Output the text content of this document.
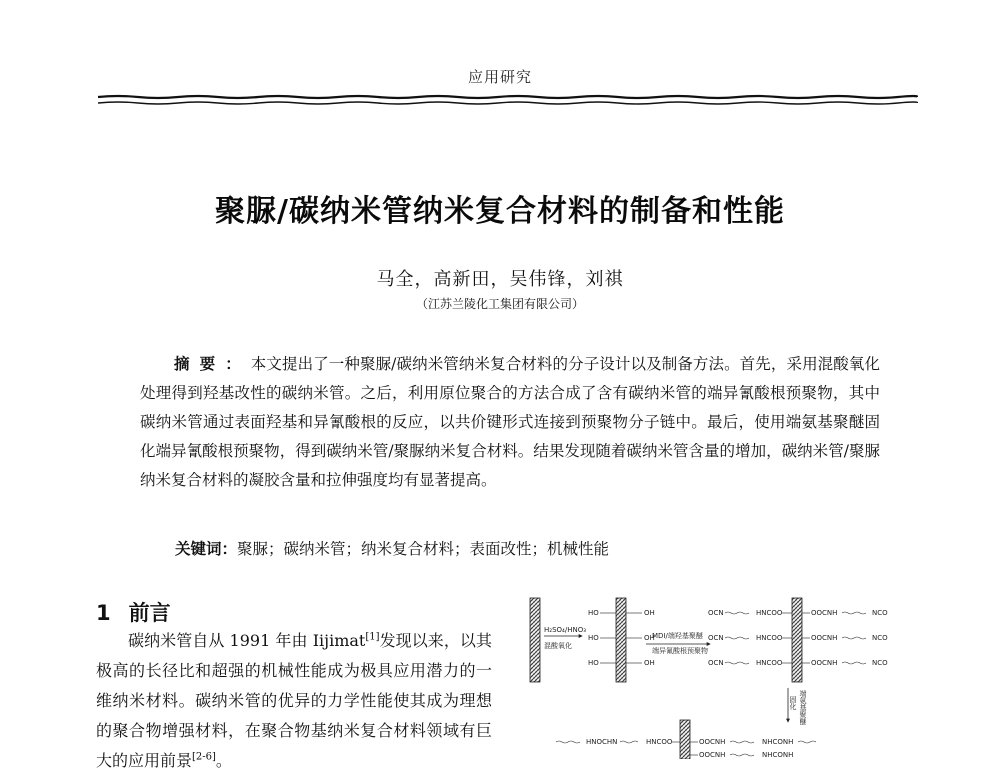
应用研究
聚脲/碳纳米管纳米复合材料的制备和性能
马全，高新田，吴伟锋，刘祺
（江苏兰陵化工集团有限公司）
摘要：本文提出了一种聚脲/碳纳米管纳米复合材料的分子设计以及制备方法。首先，采用混酸氧化处理得到羟基改性的碳纳米管。之后，利用原位聚合的方法合成了含有碳纳米管的端异氰酸根预聚物，其中碳纳米管通过表面羟基和异氰酸根的反应，以共价键形式连接到预聚物分子链中。最后，使用端氨基聚醚固化端异氰酸根预聚物，得到碳纳米管/聚脲纳米复合材料。结果发现随着碳纳米管含量的增加，碳纳米管/聚脲纳米复合材料的凝胶含量和拉伸强度均有显著提高。
关键词：聚脲；碳纳米管；纳米复合材料；表面改性；机械性能
1 前言

碳纳米管自从 1991 年由 Iijimat[1]发现以来，以其极高的长径比和超强的机械性能成为极具应用潜力的一维纳米材料。碳纳米管的优异的力学性能使其成为理想的聚合物增强材料，在聚合物基纳米复合材料领域有巨大的应用前景[2-6]。

H₂SO₄/HNO₃
混酸氧化
HO
HO
HO
OH
OH
OH
MDI/端羟基聚醚
端异氰酸根预聚物
OCN
OCN
OCN
HNCOO
HNCOO
HNCOO
OOCNH
OOCNH
OOCNH
NCO
NCO
NCO
端氨基聚醚
固化
HNOCHN	HNCOO	OOCNH	NHCONH
OOCNH	NHCONH
